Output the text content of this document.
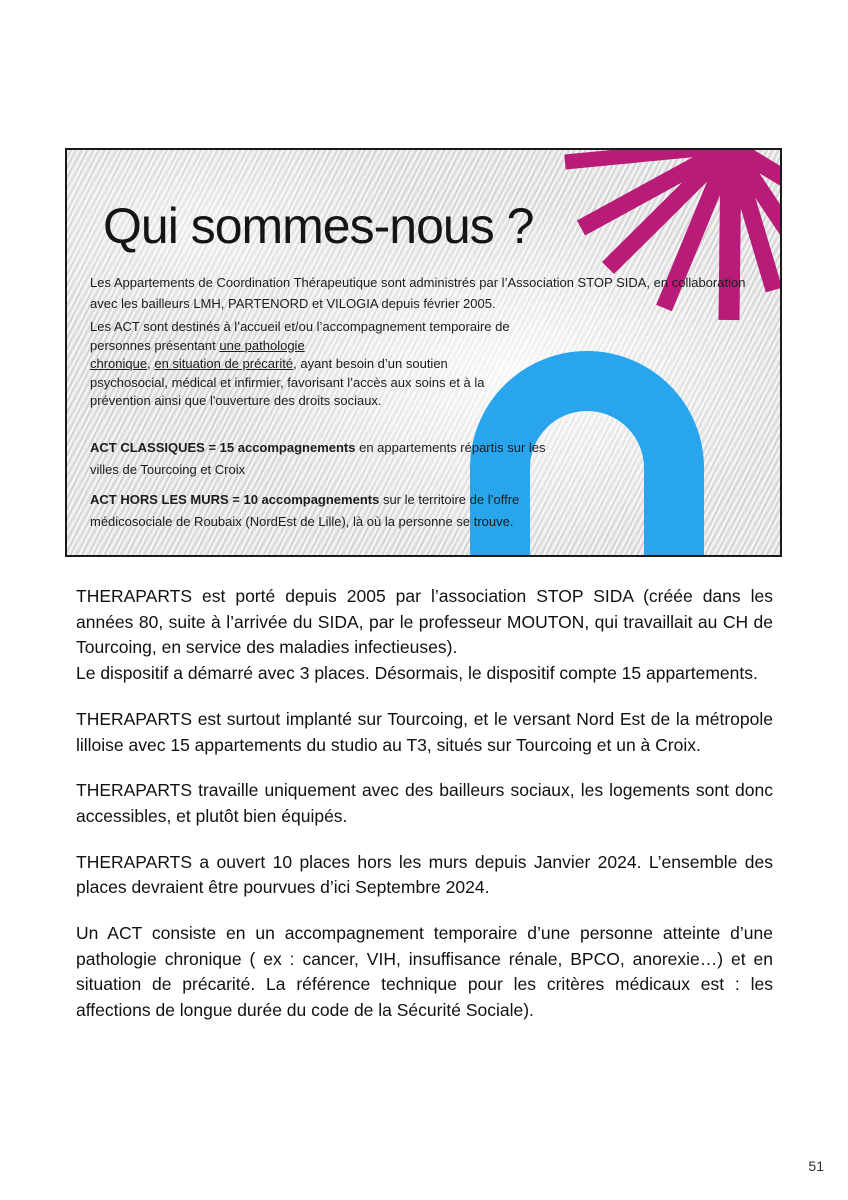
Qui sommes-nous ?
Les Appartements de Coordination Thérapeutique sont administrés par l’Association STOP SIDA, en collaboration
avec les bailleurs LMH, PARTENORD et VILOGIA depuis février 2005.
Les ACT sont destinés à l’accueil et/ou l’accompagnement temporaire de
personnes présentant une pathologie
chronique, en situation de précarité, ayant besoin d’un soutien
psychosocial, médical et infirmier, favorisant l’accès aux soins et à la
prévention ainsi que l'ouverture des droits sociaux.
ACT CLASSIQUES = 15 accompagnements en appartements répartis sur les
villes de Tourcoing et Croix
ACT HORS LES MURS = 10 accompagnements sur le territoire de l’offre
médicosociale de Roubaix (NordEst de Lille), là où la personne se trouve.

THERAPARTS est porté depuis 2005 par l’association STOP SIDA (créée dans les années 80, suite à l’arrivée du SIDA, par le professeur MOUTON, qui travaillait au CH de Tourcoing, en service des maladies infectieuses).

Le dispositif a démarré avec 3 places. Désormais, le dispositif compte 15 appartements.

THERAPARTS est surtout implanté sur Tourcoing, et le versant Nord Est de la métropole lilloise avec 15 appartements du studio au T3, situés sur Tourcoing et un à Croix.

THERAPARTS travaille uniquement avec des bailleurs sociaux, les logements sont donc accessibles, et plutôt bien équipés.

THERAPARTS a ouvert 10 places hors les murs depuis Janvier 2024. L’ensemble des places devraient être pourvues d’ici Septembre 2024.

Un ACT consiste en un accompagnement temporaire d’une personne atteinte d’une pathologie chronique ( ex : cancer, VIH, insuffisance rénale, BPCO, anorexie…) et en situation de précarité. La référence technique pour les critères médicaux est : les affections de longue durée du code de la Sécurité Sociale).

51
